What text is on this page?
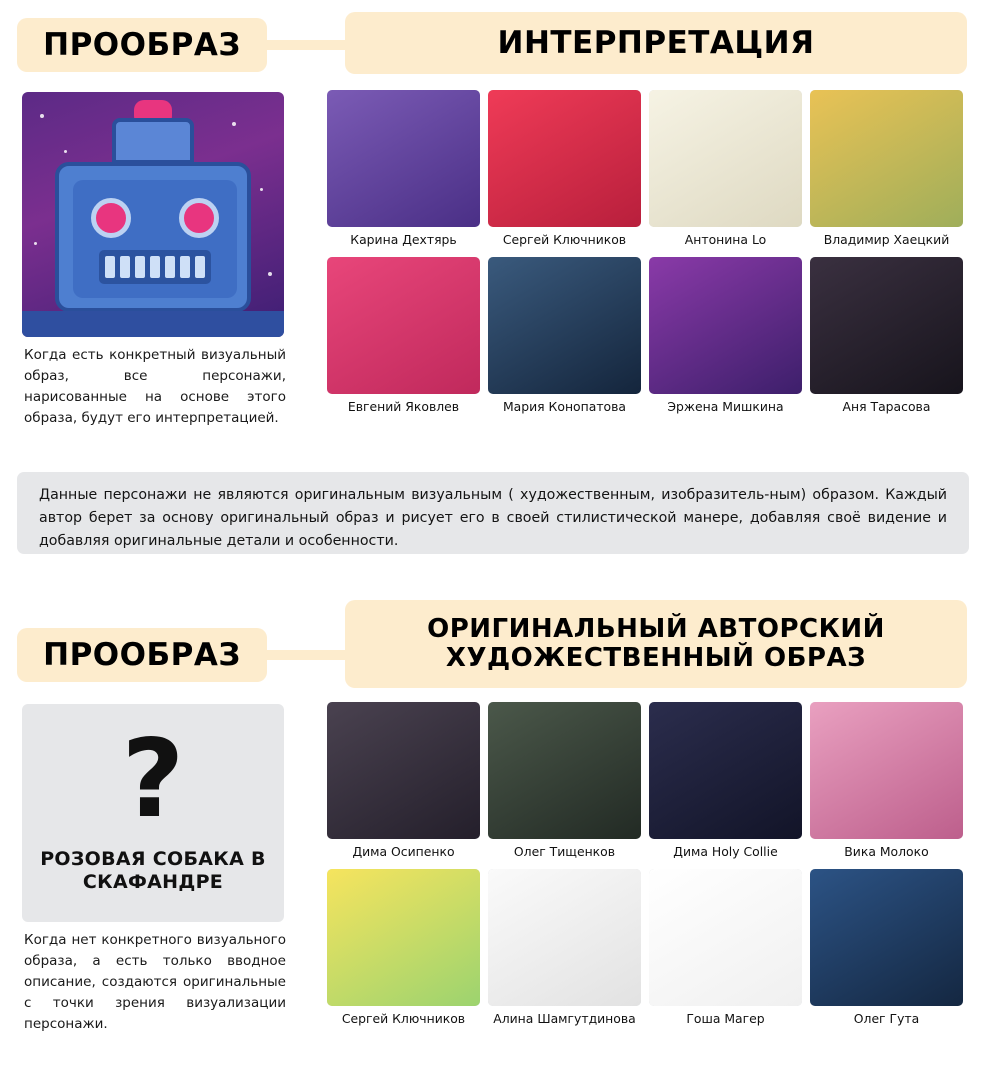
ПРООБРАЗ	ИНТЕРПРЕТАЦИЯ
Когда есть конкретный визуальный образ, все персонажи, нарисованные на основе этого образа, будут его интерпретацией.
Карина Дехтярь	Сергей Ключников	Антонина Lo	Владимир Хаецкий
Евгений Яковлев	Мария Конопатова	Эржена Мишкина	Аня Тарасова
Данные персонажи не являются оригинальным визуальным ( художественным, изобразитель-ным) образом. Каждый автор берет за основу оригинальный образ и рисует его в своей стилистической манере, добавляя своё видение и добавляя оригинальные детали и особенности.
ПРООБРАЗ
ОРИГИНАЛЬНЫЙ АВТОРСКИЙ ХУДОЖЕСТВЕННЫЙ ОБРАЗ
?
РОЗОВАЯ СОБАКА В СКАФАНДРЕ
Когда нет конкретного визуального образа, а есть только вводное описание, создаются оригинальные с точки зрения визуализации персонажи.
Дима Осипенко	Олег Тищенков	Дима Holy Collie	Вика Молоко
Сергей Ключников	Алина Шамгутдинова	Гоша Магер	Олег Гута
